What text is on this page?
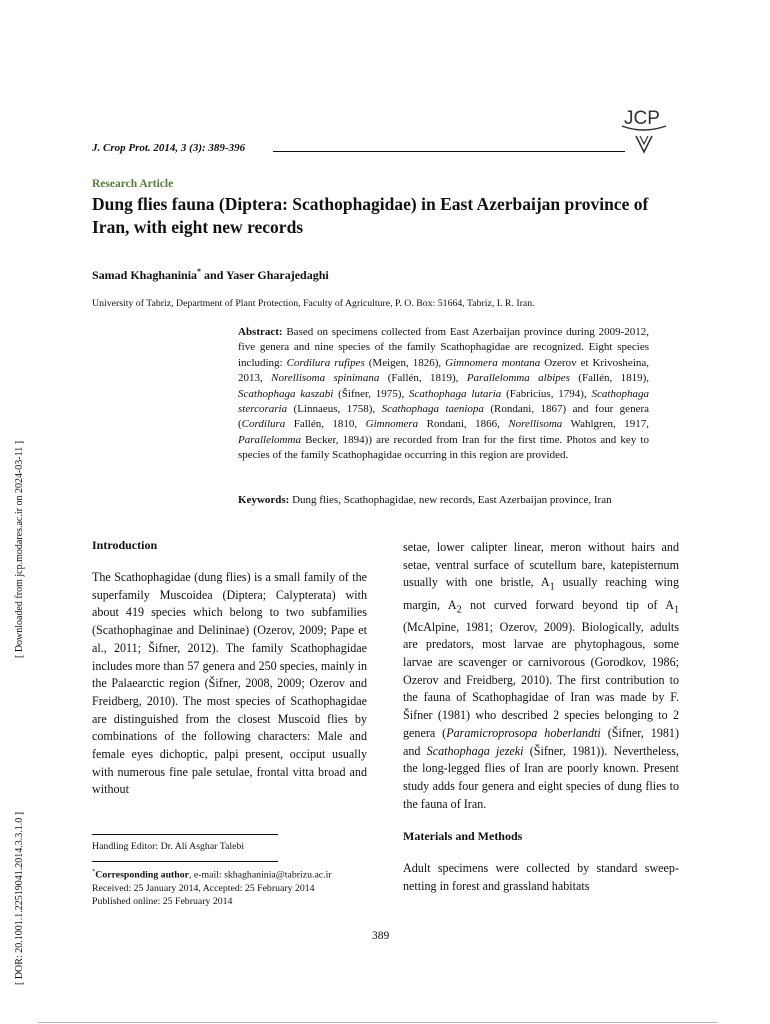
JCP
J. Crop Prot. 2014, 3 (3): 389-396
Research Article
Dung flies fauna (Diptera: Scathophagidae) in East Azerbaijan province of Iran, with eight new records
Samad Khaghaninia* and Yaser Gharajedaghi
University of Tabriz, Department of Plant Protection, Faculty of Agriculture, P. O. Box: 51664, Tabriz, I. R. Iran.
Abstract: Based on specimens collected from East Azerbaijan province during 2009-2012, five genera and nine species of the family Scathophagidae are recognized. Eight species including: Cordilura rufipes (Meigen, 1826), Gimnomera montana Ozerov et Krivosheina, 2013, Norellisoma spinimana (Fallén, 1819), Parallelomma albipes (Fallén, 1819), Scathophaga kaszabi (Šifner, 1975), Scathophaga lutaria (Fabricius, 1794), Scathophaga stercoraria (Linnaeus, 1758), Scathophaga taeniopa (Rondani, 1867) and four genera (Cordilura Fallén, 1810, Gimnomera Rondani, 1866, Norellisoma Wahlgren, 1917, Parallelomma Becker, 1894)) are recorded from Iran for the first time. Photos and key to species of the family Scathophagidae occurring in this region are provided.
Keywords: Dung flies, Scathophagidae, new records, East Azerbaijan province, Iran
Introduction
The Scathophagidae (dung flies) is a small family of the superfamily Muscoidea (Diptera; Calypterata) with about 419 species which belong to two subfamilies (Scathophaginae and Delininae) (Ozerov, 2009; Pape et al., 2011; Šifner, 2012). The family Scathophagidae includes more than 57 genera and 250 species, mainly in the Palaearctic region (Šifner, 2008, 2009; Ozerov and Freidberg, 2010). The most species of Scathophagidae are distinguished from the closest Muscoid flies by combinations of the following characters: Male and female eyes dichoptic, palpi present, occiput usually with numerous fine pale setulae, frontal vitta broad and without
setae, lower calipter linear, meron without hairs and setae, ventral surface of scutellum bare, katepisternum usually with one bristle, $A_1$ usually reaching wing margin, $A_2$ not curved forward beyond tip of $A_1$ (McAlpine, 1981; Ozerov, 2009). Biologically, adults are predators, most larvae are phytophagous, some larvae are scavenger or carnivorous (Gorodkov, 1986; Ozerov and Freidberg, 2010). The first contribution to the fauna of Scathophagidae of Iran was made by F. Šifner (1981) who described 2 species belonging to 2 genera (Paramicroprosopa hoberlandti (Šifner, 1981) and Scathophaga jezeki (Šifner, 1981)). Nevertheless, the long-legged flies of Iran are poorly known. Present study adds four genera and eight species of dung flies to the fauna of Iran.
Materials and Methods
Adult specimens were collected by standard sweep-netting in forest and grassland habitats
Handling Editor: Dr. Ali Asghar Talebi
*Corresponding author, e-mail: skhaghaninia@tabrizu.ac.ir
Received: 25 January 2014, Accepted: 25 February 2014
Published online: 25 February 2014
389
[ Downloaded from jcp.modares.ac.ir on 2024-03-11 ]
[ DOR: 20.1001.1.22519041.2014.3.3.1.0 ]
